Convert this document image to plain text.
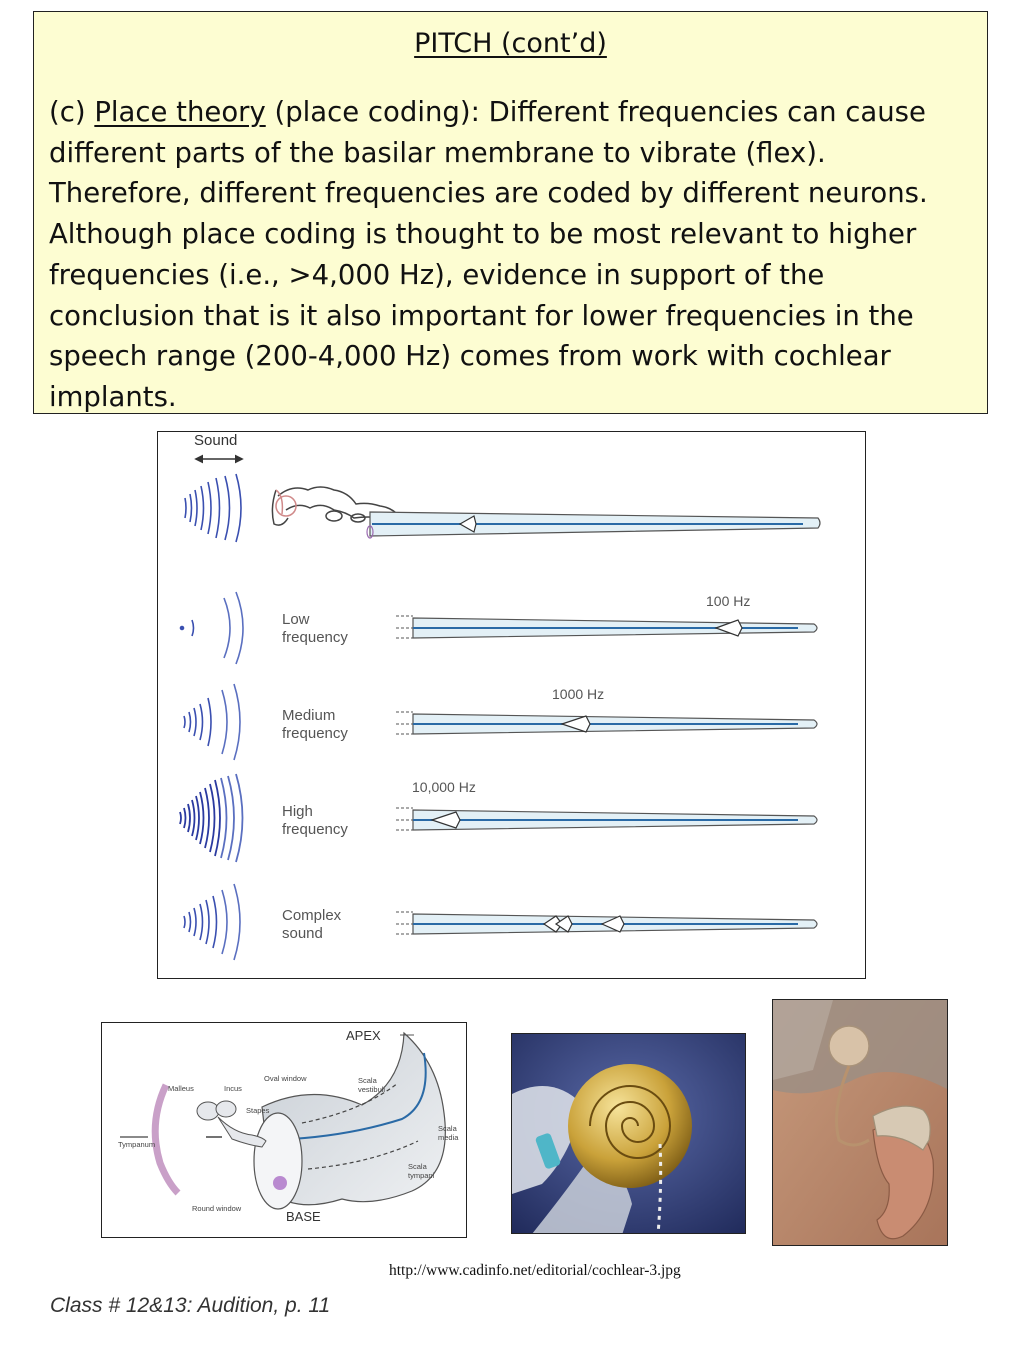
PITCH (cont’d)
(c) Place theory (place coding): Different frequencies can cause different parts of the basilar membrane to vibrate (flex). Therefore, different frequencies are coded by different neurons. Although place coding is thought to be most relevant to higher frequencies (i.e., >4,000 Hz), evidence in support of the conclusion that is it also important for lower frequencies in the speech range (200-4,000 Hz) comes from work with cochlear implants.
Sound
Low
frequency
100 Hz
Medium
frequency
1000 Hz
High
frequency
10,000 Hz
Complex
sound
APEX
BASE
Malleus	Incus
Oval window
Stapes
Tympanum
Round window
Scala
vestibuli
Scala
media
Scala
tympani
http://www.cadinfo.net/editorial/cochlear-3.jpg
Class # 12&13: Audition, p. 11
